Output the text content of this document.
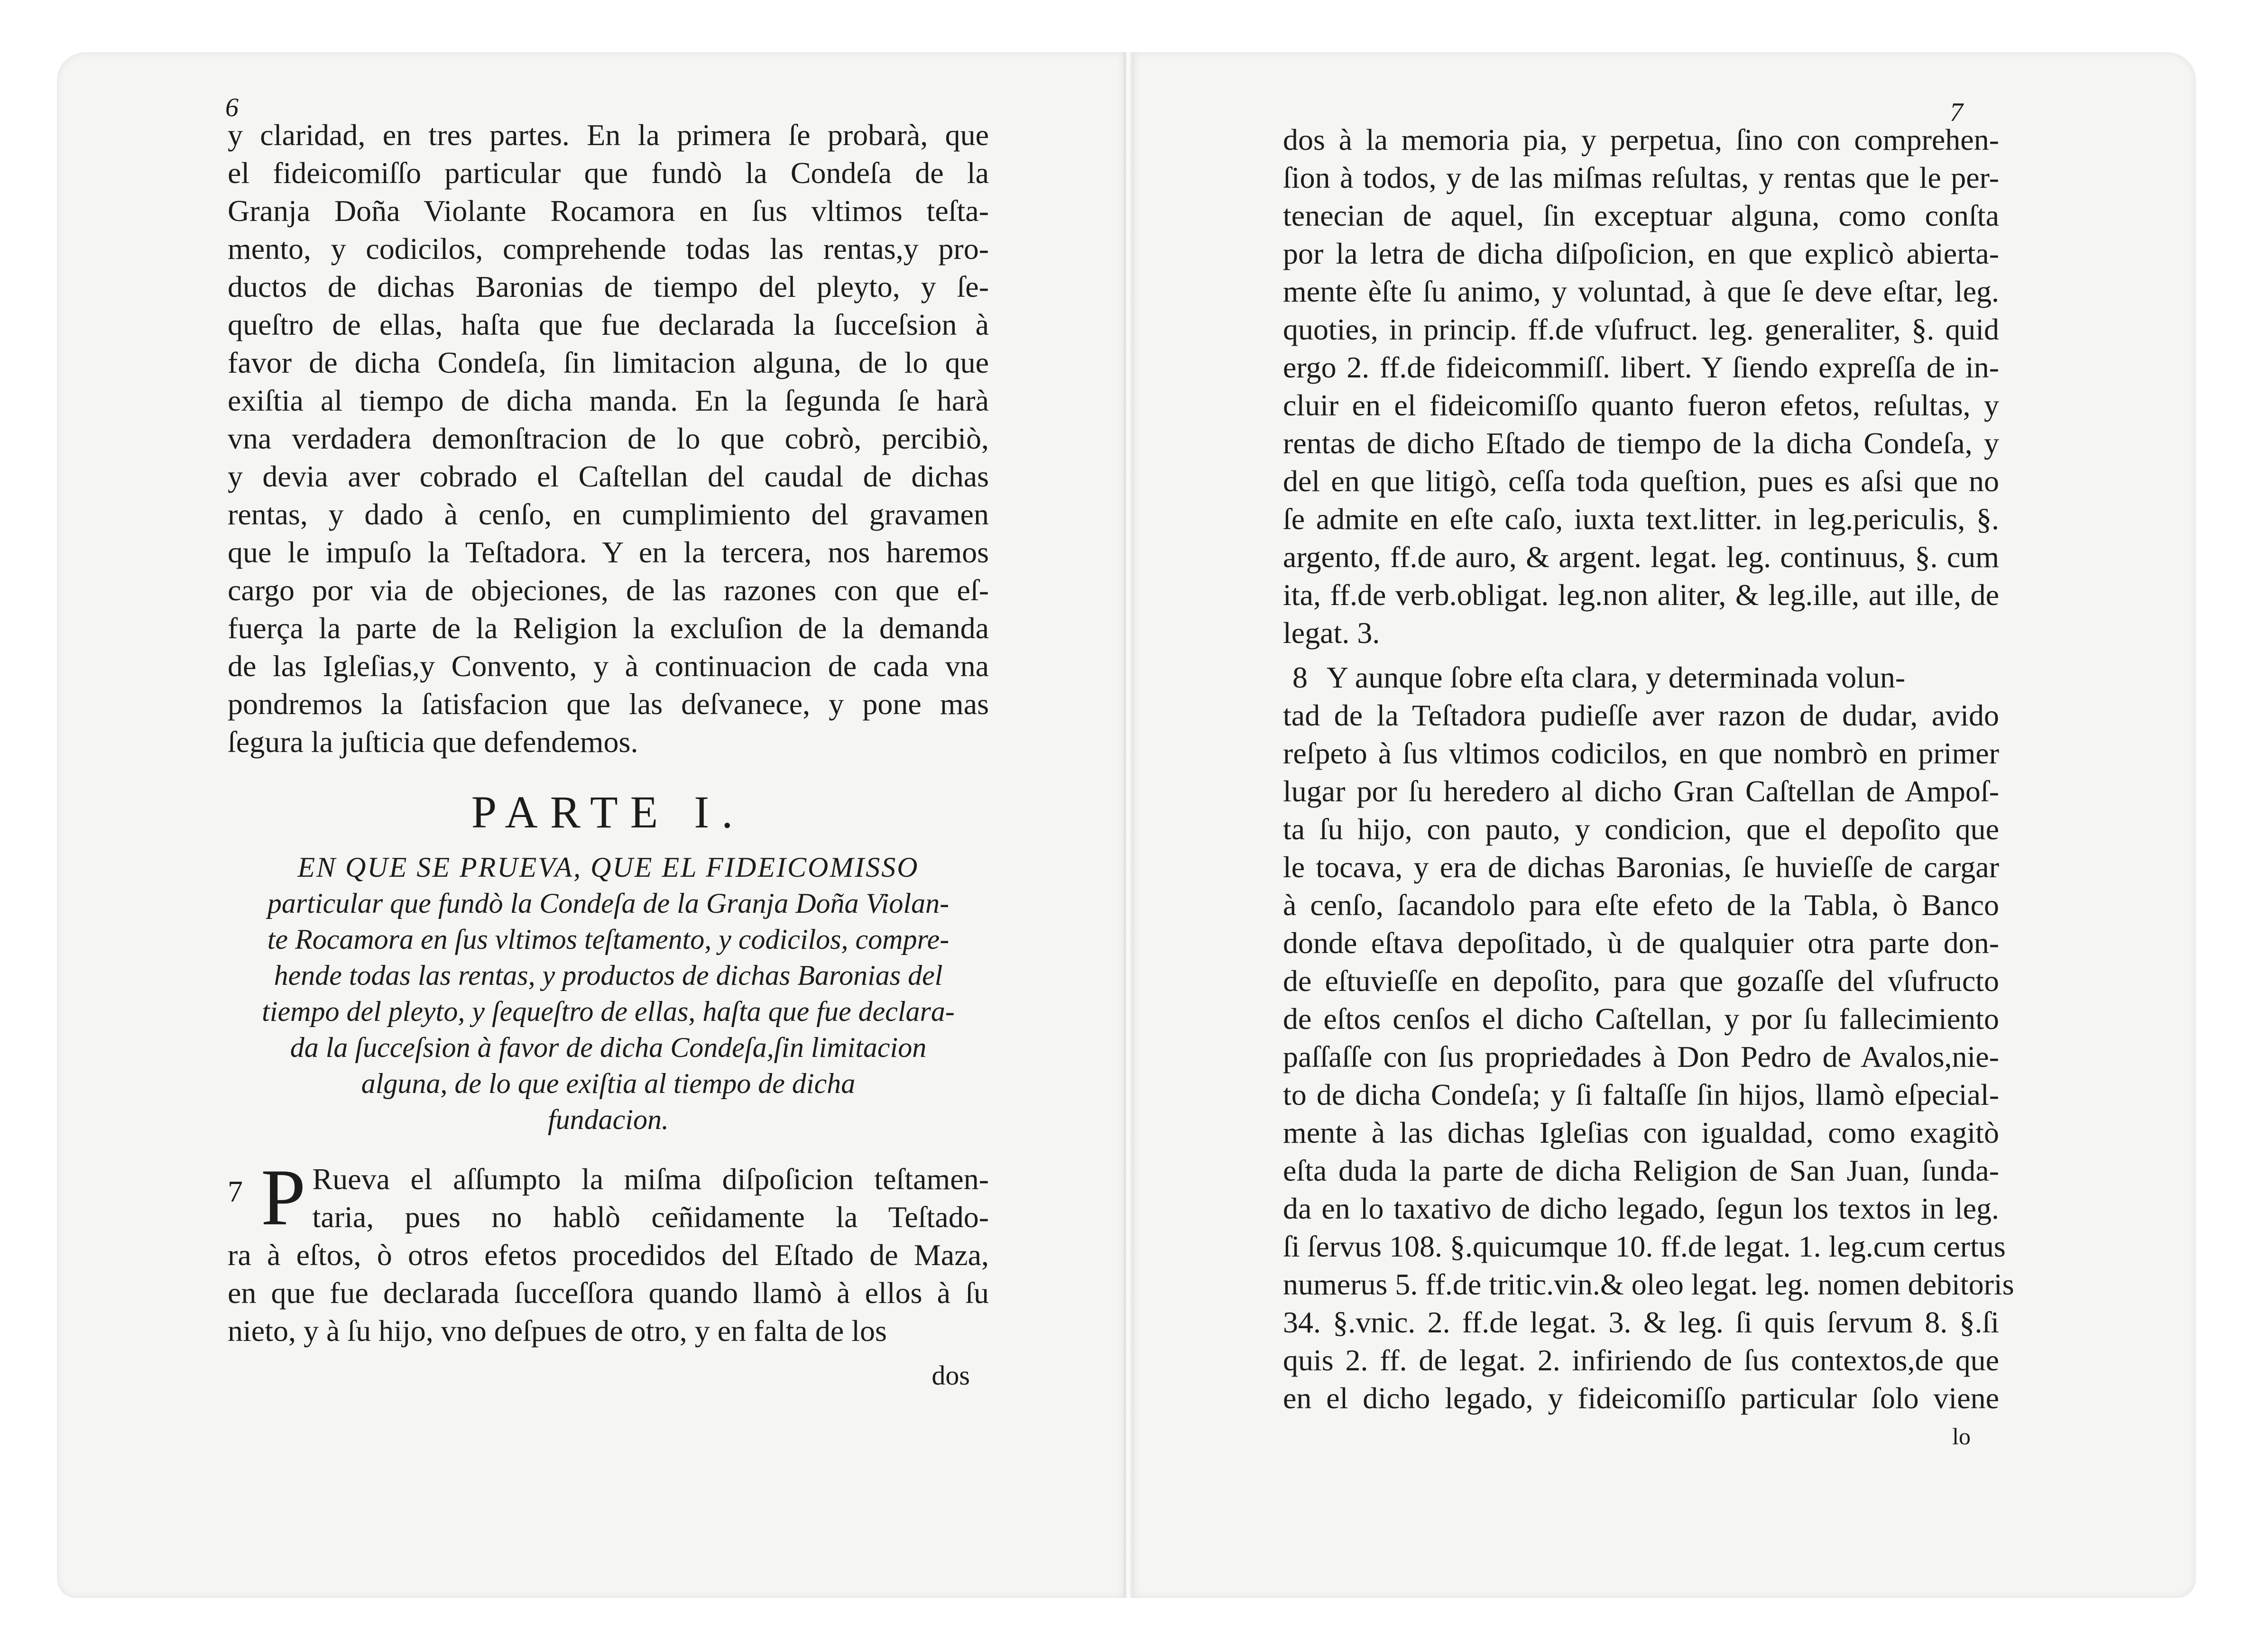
6	7
y claridad, en tres partes. En la primera ſe probarà, que
el fideicomiſſo particular que fundò la Condeſa de la
Granja Doña Violante Rocamora en ſus vltimos teſta-
mento, y codicilos, comprehende todas las rentas,y pro-
ductos de dichas Baronias de tiempo del pleyto, y ſe-
queſtro de ellas, haſta que fue declarada la ſucceſsion à
favor de dicha Condeſa, ſin limitacion alguna, de lo que
exiſtia al tiempo de dicha manda. En la ſegunda ſe harà
vna verdadera demonſtracion de lo que cobrò, percibiò,
y devia aver cobrado el Caſtellan del caudal de dichas
rentas, y dado à cenſo, en cumplimiento del gravamen
que le impuſo la Teſtadora. Y en la tercera, nos haremos
cargo por via de objeciones, de las razones con que eſ-
fuerça la parte de la Religion la excluſion de la demanda
de las Igleſias,y Convento, y à continuacion de cada vna
pondremos la ſatisfacion que las deſvanece, y pone mas
ſegura la juſticia que defendemos.
PARTE I.
EN QUE SE PRUEVA, QUE EL FIDEICOMISSO
particular que fundò la Condeſa de la Granja Doña Violan-
te Rocamora en ſus vltimos teſtamento, y codicilos, compre-
hende todas las rentas, y productos de dichas Baronias del
tiempo del pleyto, y ſequeſtro de ellas, haſta que fue declara-
da la ſucceſsion à favor de dicha Condeſa,ſin limitacion
alguna, de lo que exiſtia al tiempo de dicha
fundacion.
7 P Rueva el aſſumpto la miſma diſpoſicion teſtamen-
taria, pues no hablò ceñidamente la Teſtado-
ra à eſtos, ò otros efetos procedidos del Eſtado de Maza,
en que fue declarada ſucceſſora quando llamò à ellos à ſu
nieto, y à ſu hijo, vno deſpues de otro, y en falta de los
dos
dos à la memoria pia, y perpetua, ſino con comprehen-
ſion à todos, y de las miſmas reſultas, y rentas que le per-
tenecian de aquel, ſin exceptuar alguna, como conſta
por la letra de dicha diſpoſicion, en que explicò abierta-
mente èſte ſu animo, y voluntad, à que ſe deve eſtar, leg.
quoties, in princip. ff.de vſufruct. leg. generaliter, §. quid
ergo 2. ff.de fideicommiſſ. libert. Y ſiendo expreſſa de in-
cluir en el fideicomiſſo quanto fueron efetos, reſultas, y
rentas de dicho Eſtado de tiempo de la dicha Condeſa, y
del en que litigò, ceſſa toda queſtion, pues es aſsi que no
ſe admite en eſte caſo, iuxta text.litter. in leg.periculis, §.
argento, ff.de auro, & argent. legat. leg. continuus, §. cum
ita, ff.de verb.obligat. leg.non aliter, & leg.ille, aut ille, de
legat. 3.
8 Y aunque ſobre eſta clara, y determinada volun-
tad de la Teſtadora pudieſſe aver razon de dudar, avido
reſpeto à ſus vltimos codicilos, en que nombrò en primer
lugar por ſu heredero al dicho Gran Caſtellan de Ampoſ-
ta ſu hijo, con pauto, y condicion, que el depoſito que
le tocava, y era de dichas Baronias, ſe huvieſſe de cargar
à cenſo, ſacandolo para eſte efeto de la Tabla, ò Banco
donde eſtava depoſitado, ù de qualquier otra parte don-
de eſtuvieſſe en depoſito, para que gozaſſe del vſufructo
de eſtos cenſos el dicho Caſtellan, y por ſu fallecimiento
paſſaſſe con ſus proprieḋades à Don Pedro de Avalos,nie-
to de dicha Condeſa; y ſi faltaſſe ſin hijos, llamò eſpecial-
mente à las dichas Igleſias con igualdad, como exagitò
eſta duda la parte de dicha Religion de San Juan, ſunda-
da en lo taxativo de dicho legado, ſegun los textos in leg.
ſi ſervus 108. §.quicumque 10. ff.de legat. 1. leg.cum certus
numerus 5. ff.de tritic.vin.& oleo legat. leg. nomen debitoris
34. §.vnic. 2. ff.de legat. 3. & leg. ſi quis ſervum 8. §.ſi
quis 2. ff. de legat. 2. infiriendo de ſus contextos,de que
en el dicho legado, y fideicomiſſo particular ſolo viene
lo
